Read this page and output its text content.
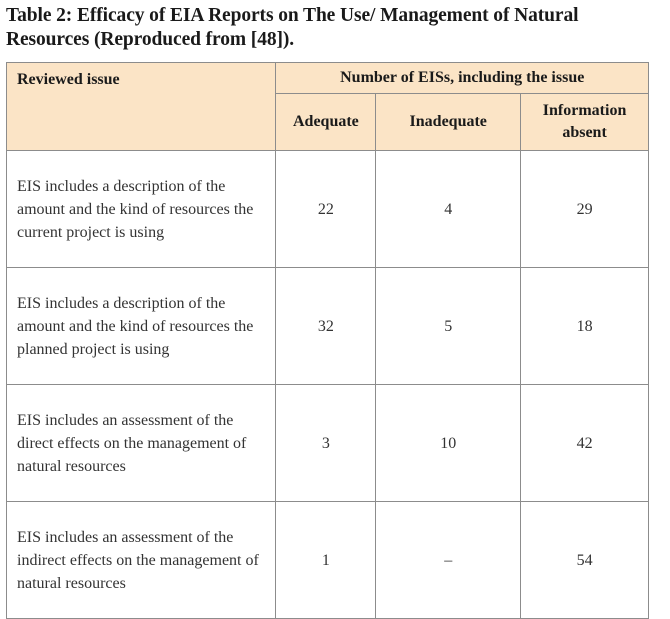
Table 2: Efficacy of EIA Reports on The Use/ Management of Natural Resources (Reproduced from [48]).
Reviewed issue	Number of EISs, including the issue		
	Adequate	Inadequate	Information absent
EIS includes a description of the amount and the kind of resources the current project is using	22	4	29
EIS includes a description of the amount and the kind of resources the planned project is using	32	5	18
EIS includes an assessment of the direct effects on the management of natural resources	3	10	42
EIS includes an assessment of the indirect effects on the management of natural resources	1	–	54
